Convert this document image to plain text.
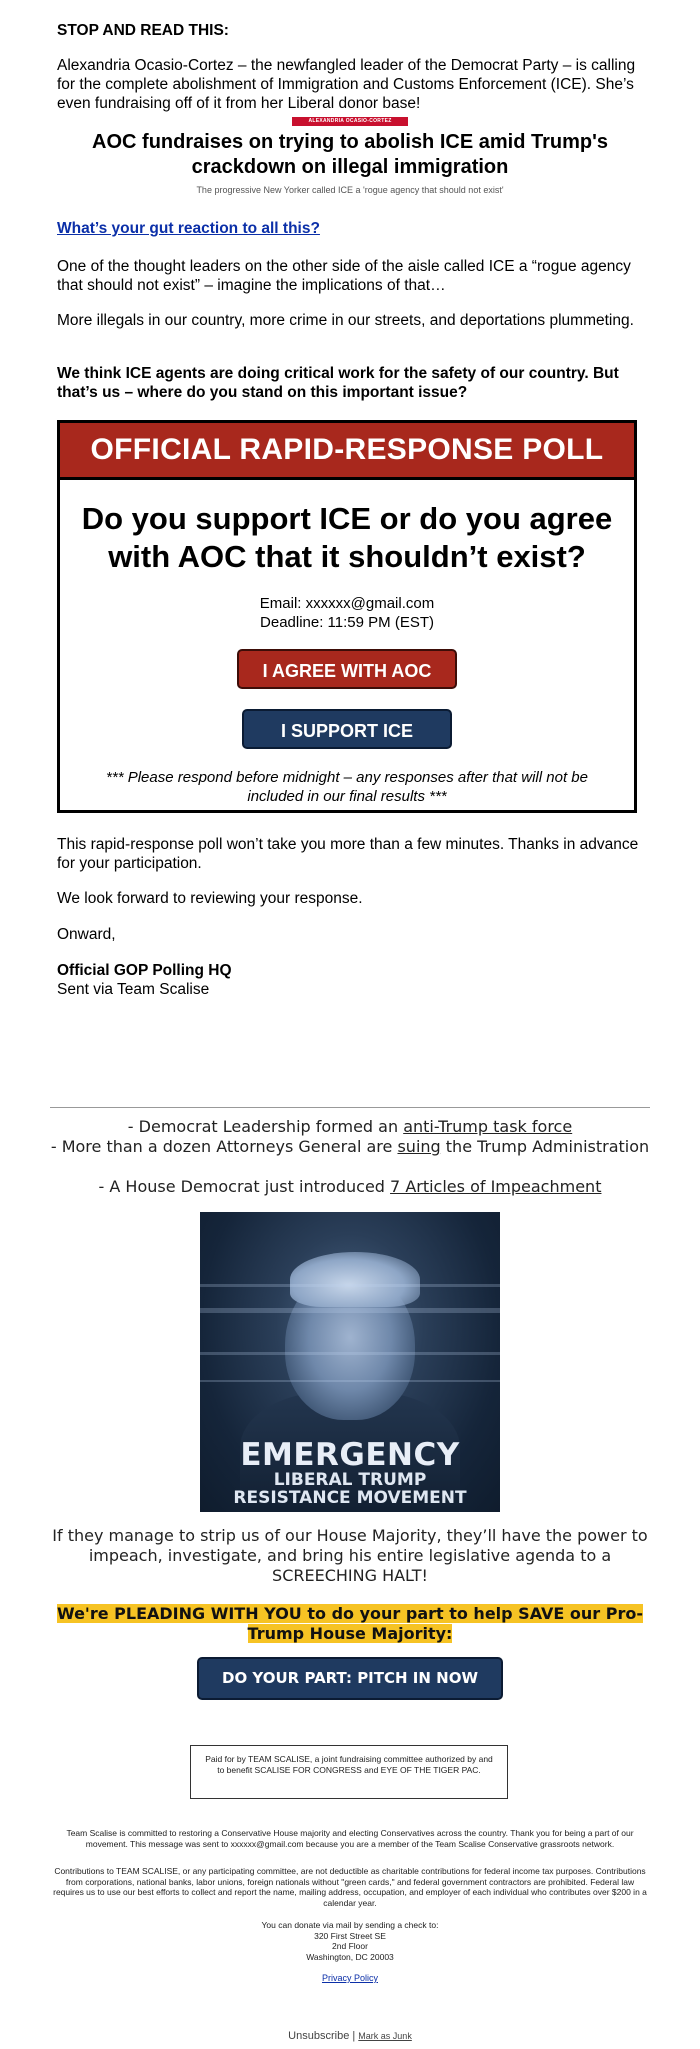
STOP AND READ THIS:

Alexandria Ocasio-Cortez – the newfangled leader of the Democrat Party – is calling for the complete abolishment of Immigration and Customs Enforcement (ICE). She’s even fundraising off of it from her Liberal donor base!

ALEXANDRIA OCASIO-CORTEZ
AOC fundraises on trying to abolish ICE amid Trump's crackdown on illegal immigration
The progressive New Yorker called ICE a 'rogue agency that should not exist'
What’s your gut reaction to all this?

One of the thought leaders on the other side of the aisle called ICE a “rogue agency that should not exist” – imagine the implications of that…

More illegals in our country, more crime in our streets, and deportations plummeting.

We think ICE agents are doing critical work for the safety of our country. But that’s us – where do you stand on this important issue?

OFFICIAL RAPID-RESPONSE POLL
Do you support ICE or do you agree with AOC that it shouldn’t exist?
Email: xxxxxx@gmail.com
Deadline: 11:59 PM (EST)
I AGREE WITH AOC
I SUPPORT ICE
*** Please respond before midnight – any responses after that will not be included in our final results ***

This rapid-response poll won’t take you more than a few minutes. Thanks in advance for your participation.

We look forward to reviewing your response.

Onward,

Official GOP Polling HQ

Sent via Team Scalise

- Democrat Leadership formed an anti-Trump task force
- More than a dozen Attorneys General are suing the Trump Administration
- A House Democrat just introduced 7 Articles of Impeachment
EMERGENCY
LIBERAL TRUMP
RESISTANCE MOVEMENT
If they manage to strip us of our House Majority, they’ll have the power to impeach, investigate, and bring his entire legislative agenda to a SCREECHING HALT!
We're PLEADING WITH YOU to do your part to help SAVE our Pro-Trump House Majority:
DO YOUR PART: PITCH IN NOW
Paid for by TEAM SCALISE, a joint fundraising committee authorized by and to benefit SCALISE FOR CONGRESS and EYE OF THE TIGER PAC.
Team Scalise is committed to restoring a Conservative House majority and electing Conservatives across the country. Thank you for being a part of our movement. This message was sent to xxxxxx@gmail.com because you are a member of the Team Scalise Conservative grassroots network.
Contributions to TEAM SCALISE, or any participating committee, are not deductible as charitable contributions for federal income tax purposes. Contributions from corporations, national banks, labor unions, foreign nationals without "green cards," and federal government contractors are prohibited. Federal law requires us to use our best efforts to collect and report the name, mailing address, occupation, and employer of each individual who contributes over $200 in a calendar year.
You can donate via mail by sending a check to:
320 First Street SE
2nd Floor
Washington, DC 20003
Privacy Policy
Unsubscribe | Mark as Junk
